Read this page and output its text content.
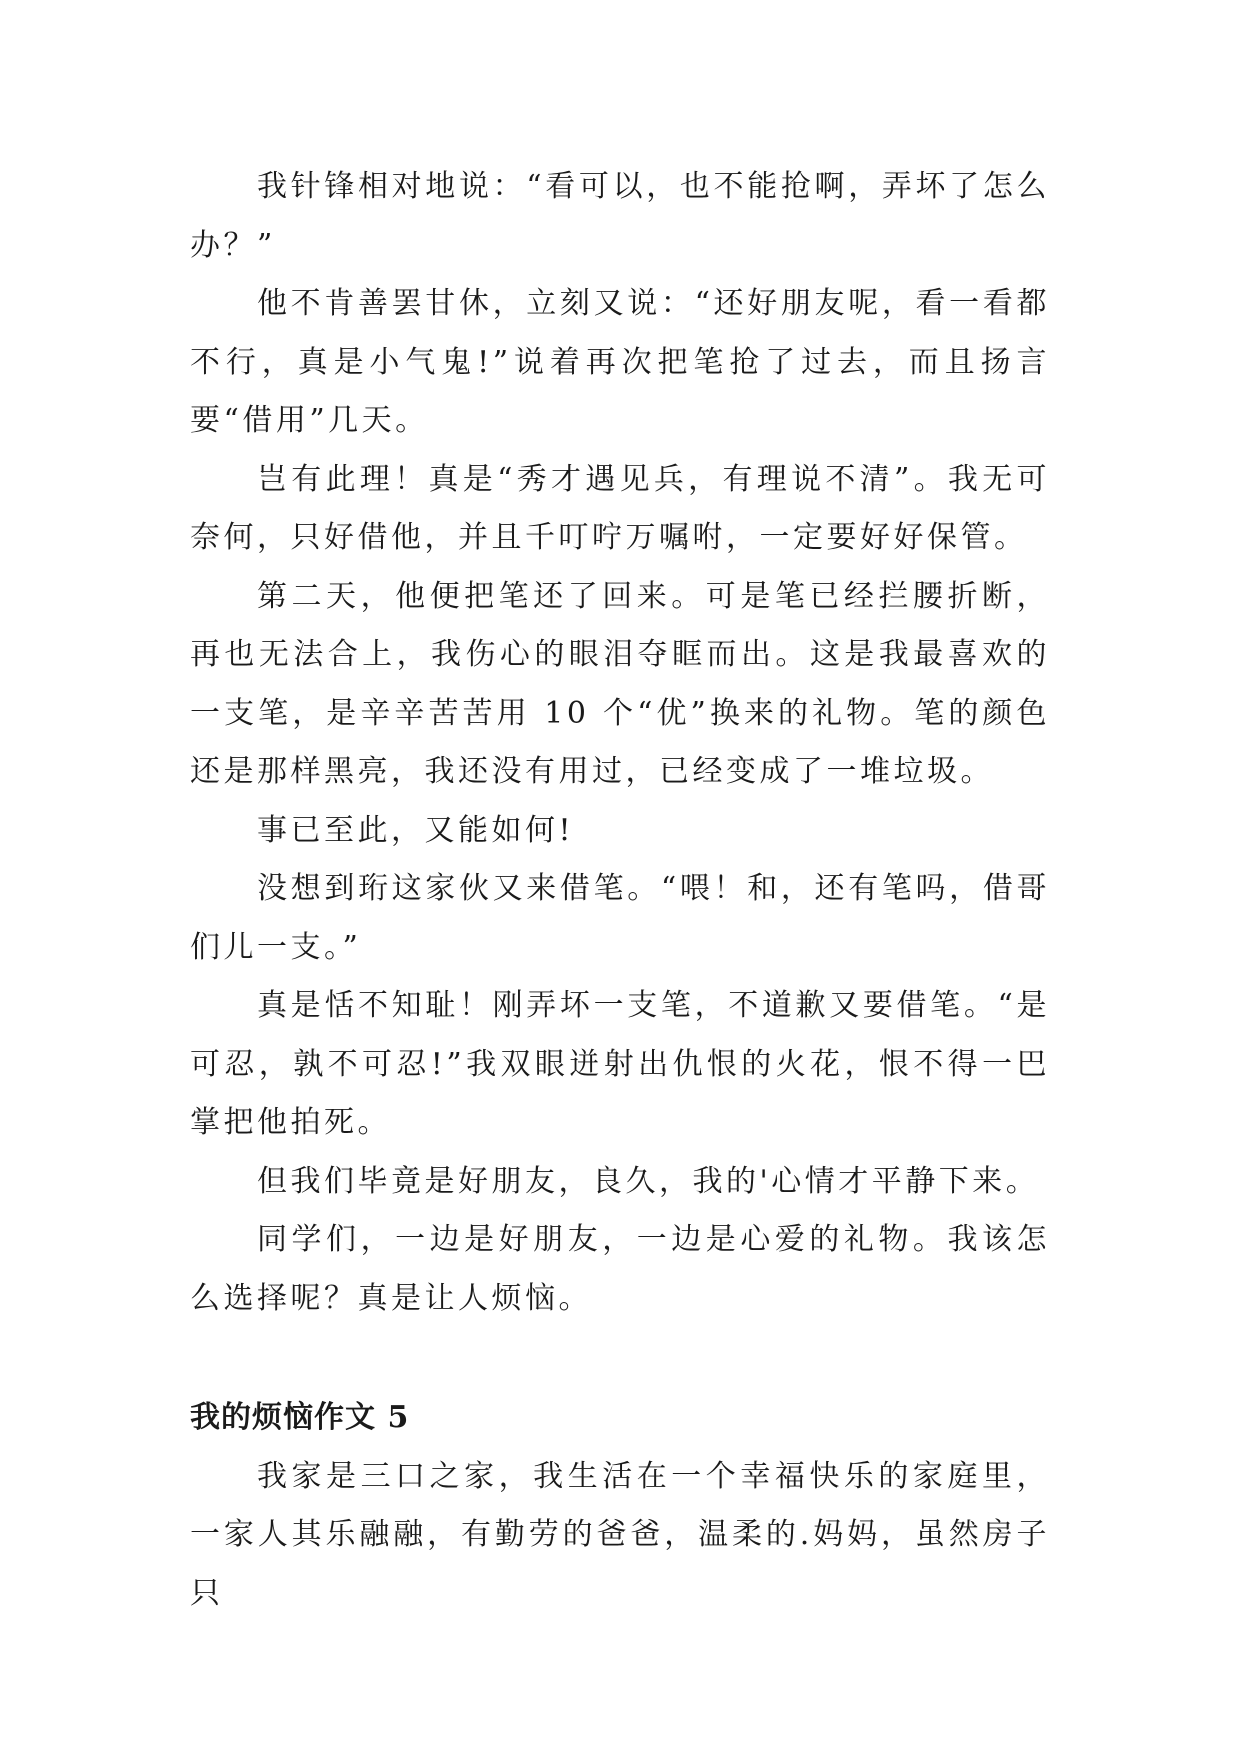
我针锋相对地说：“看可以，也不能抢啊，弄坏了怎么办？”

他不肯善罢甘休，立刻又说：“还好朋友呢，看一看都不行，真是小气鬼!”说着再次把笔抢了过去，而且扬言要“借用”几天。

岂有此理！真是“秀才遇见兵，有理说不清”。我无可奈何，只好借他，并且千叮咛万嘱咐，一定要好好保管。

第二天，他便把笔还了回来。可是笔已经拦腰折断，再也无法合上，我伤心的眼泪夺眶而出。这是我最喜欢的一支笔，是辛辛苦苦用 10 个“优”换来的礼物。笔的颜色还是那样黑亮，我还没有用过，已经变成了一堆垃圾。

事已至此，又能如何!

没想到珩这家伙又来借笔。“喂！和，还有笔吗，借哥们儿一支。”

真是恬不知耻！刚弄坏一支笔，不道歉又要借笔。“是可忍，孰不可忍!”我双眼迸射出仇恨的火花，恨不得一巴掌把他拍死。

但我们毕竟是好朋友，良久，我的'心情才平静下来。

同学们，一边是好朋友，一边是心爱的礼物。我该怎么选择呢？真是让人烦恼。

我的烦恼作文 5

我家是三口之家，我生活在一个幸福快乐的家庭里，一家人其乐融融，有勤劳的爸爸，温柔的.妈妈，虽然房子只
